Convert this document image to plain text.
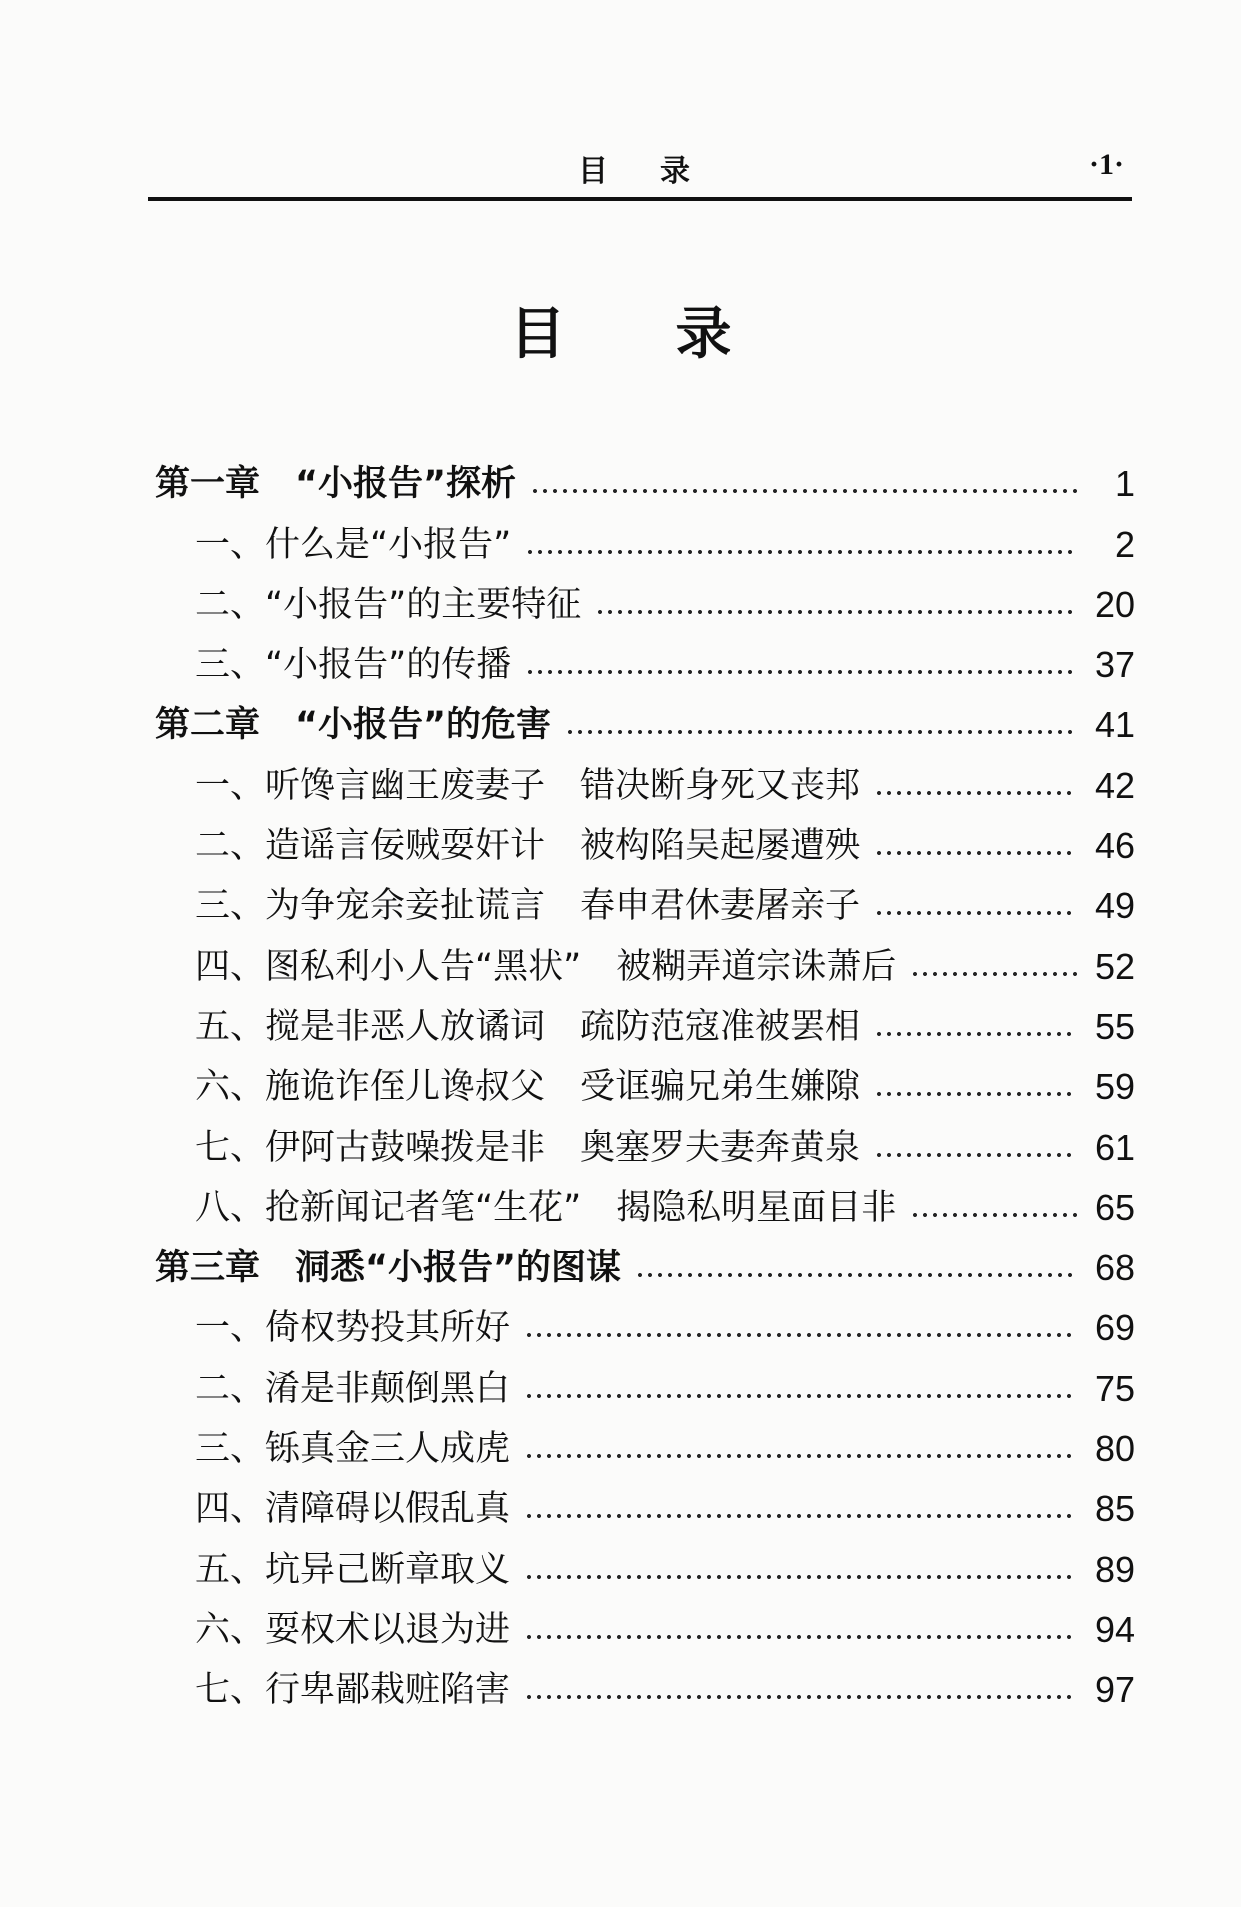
目录	·1·
目录
第一章　“小报告”探析	1
一、什么是“小报告”	2
二、“小报告”的主要特征	20
三、“小报告”的传播	37
第二章　“小报告”的危害	41
一、听馋言幽王废妻子　错决断身死又丧邦	42
二、造谣言佞贼耍奸计　被构陷吴起屡遭殃	46
三、为争宠余妾扯谎言　春申君休妻屠亲子	49
四、图私利小人告“黑状”　被糊弄道宗诛萧后	52
五、搅是非恶人放谲词　疏防范寇准被罢相	55
六、施诡诈侄儿谗叔父　受诓骗兄弟生嫌隙	59
七、伊阿古鼓噪拨是非　奥塞罗夫妻奔黄泉	61
八、抢新闻记者笔“生花”　揭隐私明星面目非	65
第三章　洞悉“小报告”的图谋	68
一、倚权势投其所好	69
二、淆是非颠倒黑白	75
三、铄真金三人成虎	80
四、清障碍以假乱真	85
五、坑异己断章取义	89
六、耍权术以退为进	94
七、行卑鄙栽赃陷害	97
